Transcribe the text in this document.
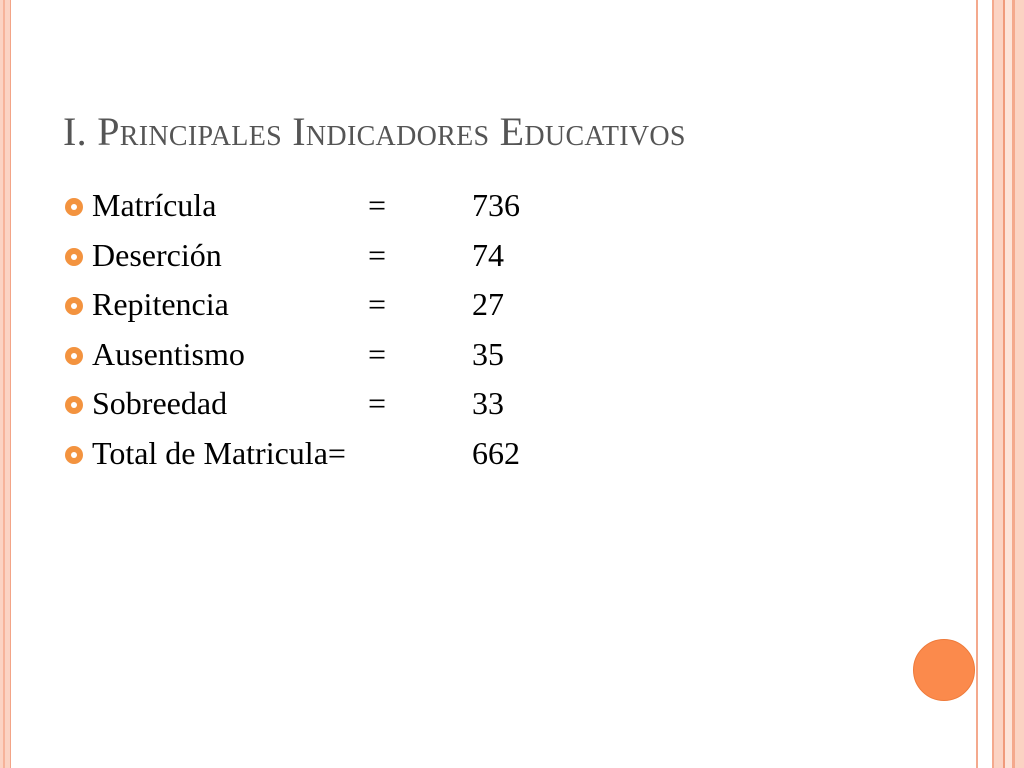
I. Principales Indicadores Educativos
Matrícula	=	736
Deserción	=	74
Repitencia	=	27
Ausentismo	=	35
Sobreedad	=	33
Total de Matricula=	662
